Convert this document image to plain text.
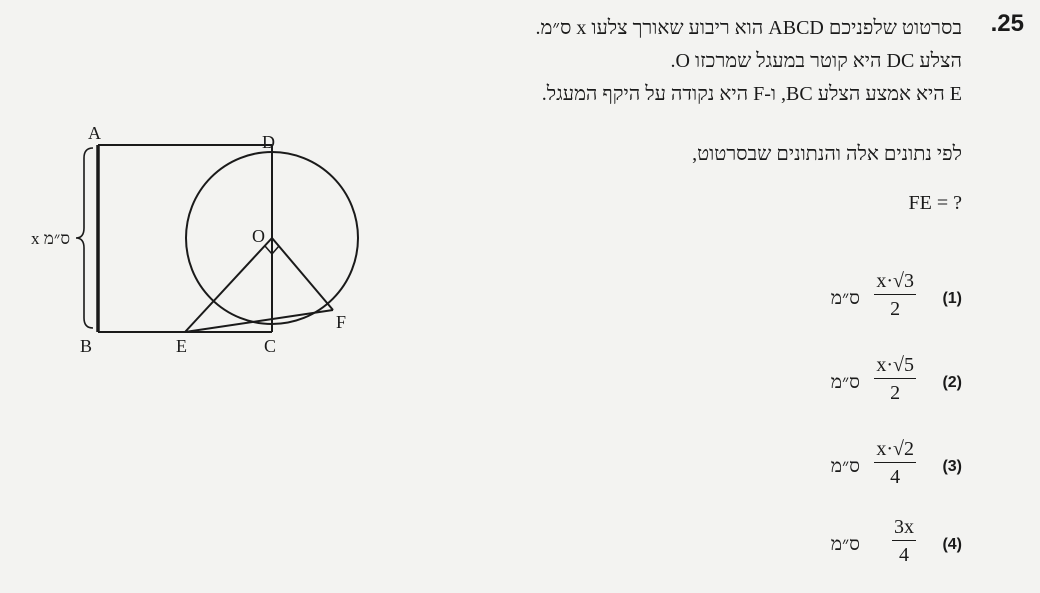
.25
בסרטוט שלפניכם ABCD הוא ריבוע שאורך צלעו x ס״מ.
הצלע DC היא קוטר במעגל שמרכזו O.
E היא אמצע הצלע BC, ו-F היא נקודה על היקף המעגל.
לפי נתונים אלה והנתונים שבסרטוט,
FE = ?
(1)
x·√3
2
ס״מ
(2)
x·√5
2
ס״מ
(3)
x·√2
4
ס״מ
(4)
3x
4
ס״מ
A	D
B	E	C
F
O
x ס״מ
